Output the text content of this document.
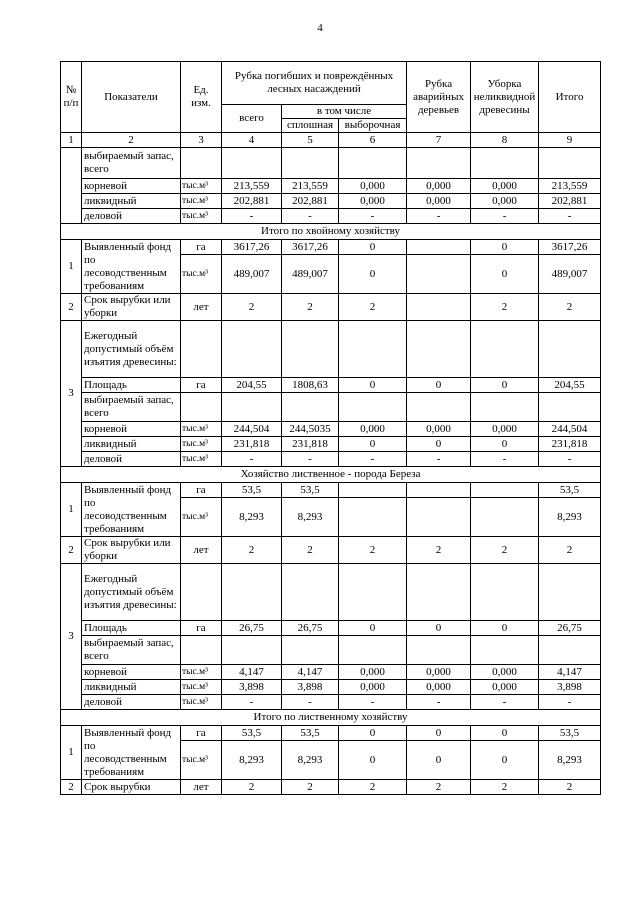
4
№ п/п	Показатели	Ед. изм.	Рубка погибших и повреждённых лесных насаждений			Рубка аварийных деревьев	Уборка неликвидной древесины	Итого
			всего	в том числе				
				сплошная	выборочная			
1	2	3	4	5	6	7	8	9
	выбираемый запас, всего							
	корневой	тыс.м³	213,559	213,559	0,000	0,000	0,000	213,559
	ликвидный	тыс.м³	202,881	202,881	0,000	0,000	0,000	202,881
	деловой	тыс.м³	-	-	-	-	-	-
Итого по хвойному хозяйству								
1	Выявленный фонд по лесоводственным требованиям	га	3617,26	3617,26	0		0	3617,26
		тыс.м³	489,007	489,007	0		0	489,007
2	Срок вырубки или уборки	лет	2	2	2		2	2
3	Ежегодный допустимый объём изъятия древесины:							
	Площадь	га	204,55	1808,63	0	0	0	204,55
	выбираемый запас, всего							
	корневой	тыс.м³	244,504	244,5035	0,000	0,000	0,000	244,504
	ликвидный	тыс.м³	231,818	231,818	0	0	0	231,818
	деловой	тыс.м³	-	-	-	-	-	-
Хозяйство лиственное - порода Береза								
1	Выявленный фонд по лесоводственным требованиям	га	53,5	53,5				53,5
		тыс.м³	8,293	8,293				8,293
2	Срок вырубки или уборки	лет	2	2	2	2	2	2
3	Ежегодный допустимый объём изъятия древесины:							
	Площадь	га	26,75	26,75	0	0	0	26,75
	выбираемый запас, всего							
	корневой	тыс.м³	4,147	4,147	0,000	0,000	0,000	4,147
	ликвидный	тыс.м³	3,898	3,898	0,000	0,000	0,000	3,898
	деловой	тыс.м³	-	-	-	-	-	-
Итого по лиственному хозяйству								
1	Выявленный фонд по лесоводственным требованиям	га	53,5	53,5	0	0	0	53,5
		тыс.м³	8,293	8,293	0	0	0	8,293
2	Срок вырубки	лет	2	2	2	2	2	2
